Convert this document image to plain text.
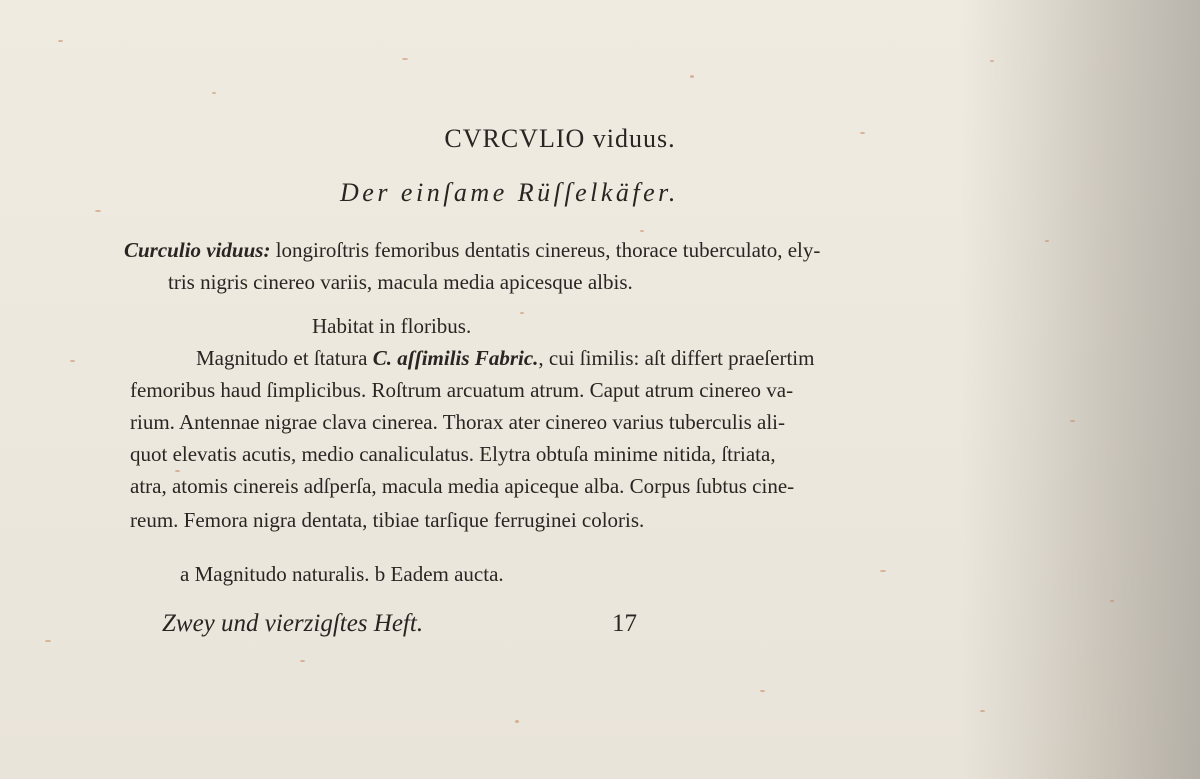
CVRCVLIO viduus.
Der einſame Rüſſelkäfer.
Curculio viduus: longiroſtris femoribus dentatis cinereus, thorace tuberculato, ely-
tris nigris cinereo variis, macula media apicesque albis.
Habitat in floribus.
Magnitudo et ſtatura C. aſſimilis Fabric., cui ſimilis: aſt differt praeſertim
femoribus haud ſimplicibus. Roſtrum arcuatum atrum. Caput atrum cinereo va-
rium. Antennae nigrae clava cinerea. Thorax ater cinereo varius tuberculis ali-
quot elevatis acutis, medio canaliculatus. Elytra obtuſa minime nitida, ſtriata,
atra, atomis cinereis adſperſa, macula media apiceque alba. Corpus ſubtus cine-
reum. Femora nigra dentata, tibiae tarſique ferruginei coloris.
a Magnitudo naturalis. b Eadem aucta.
Zwey und vierzigſtes Heft.	17
